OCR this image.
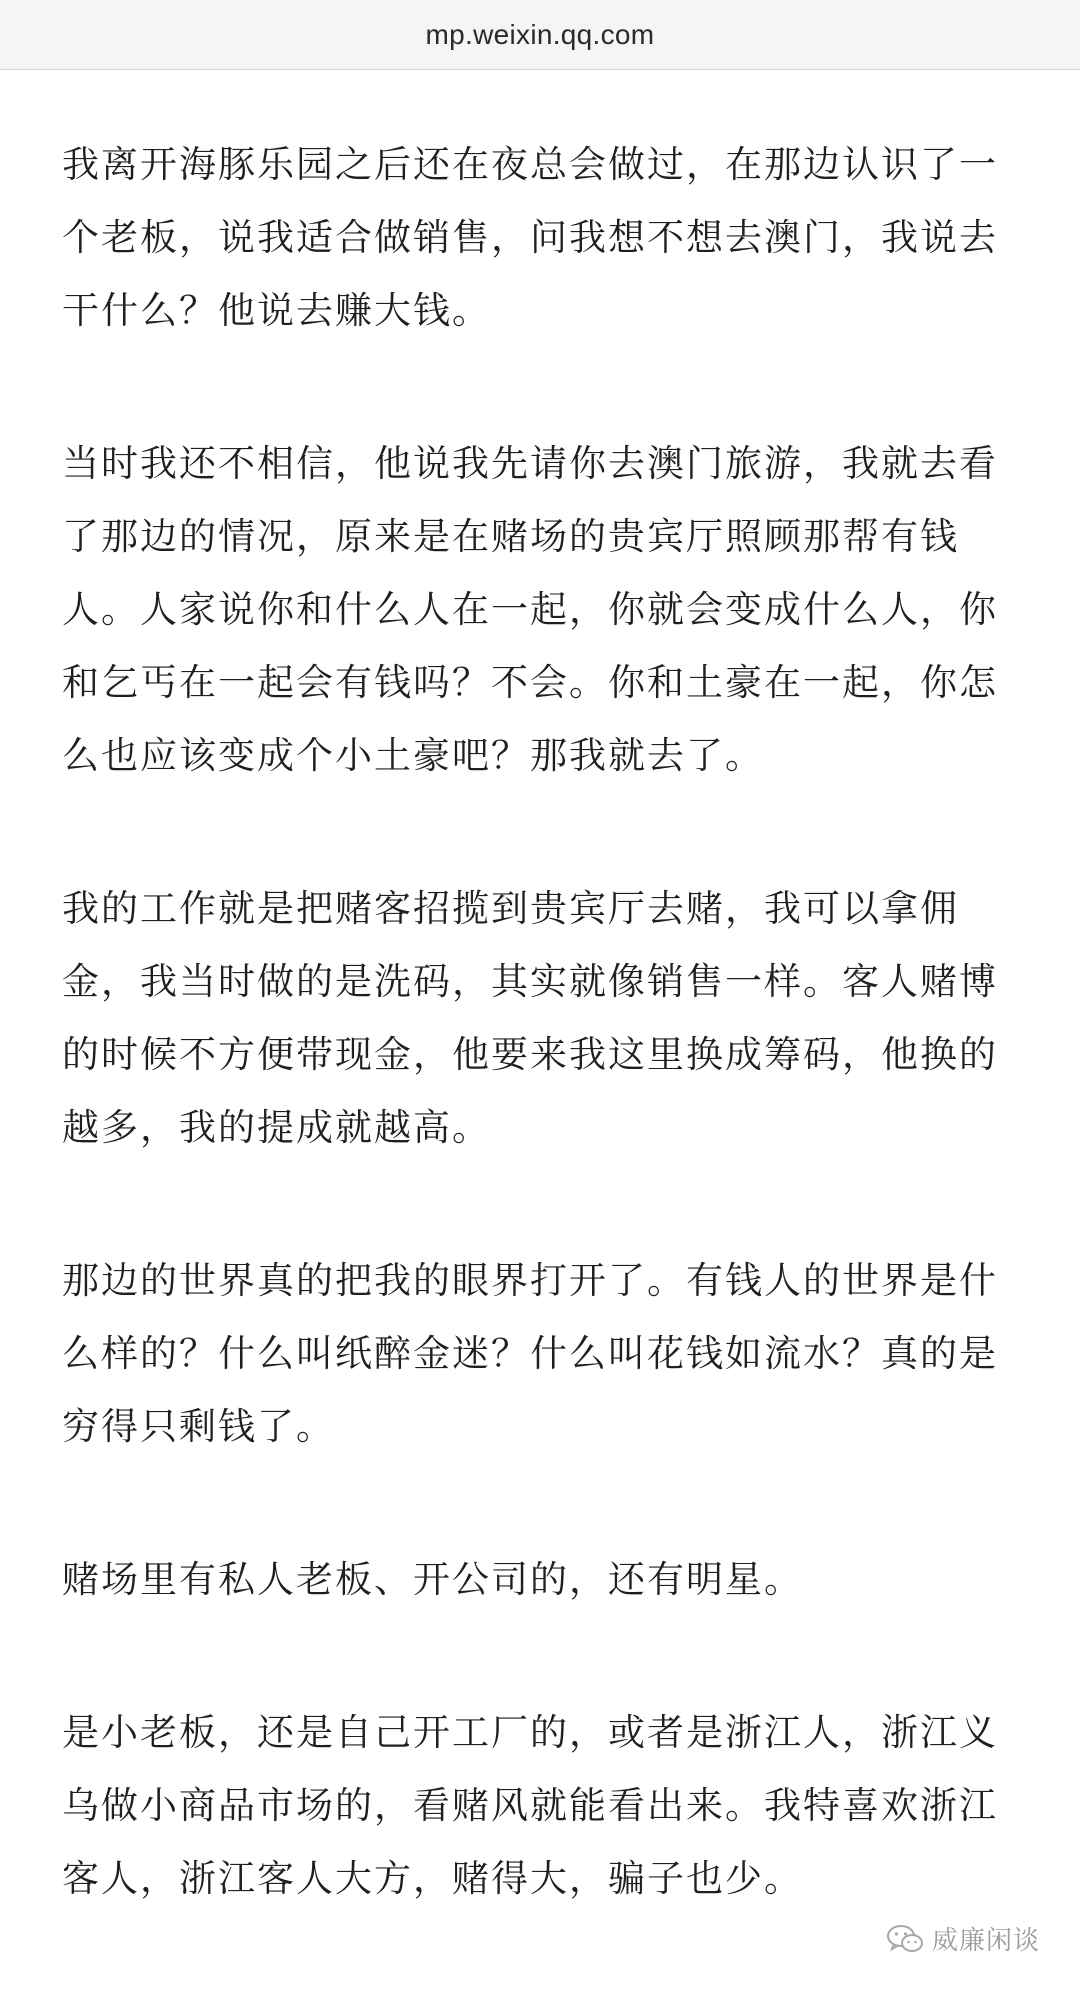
mp.weixin.qq.com

我离开海豚乐园之后还在夜总会做过，在那边认识了一个老板，说我适合做销售，问我想不想去澳门，我说去干什么？他说去赚大钱。

当时我还不相信，他说我先请你去澳门旅游，我就去看了那边的情况，原来是在赌场的贵宾厅照顾那帮有钱人。人家说你和什么人在一起，你就会变成什么人，你和乞丐在一起会有钱吗？不会。你和土豪在一起，你怎么也应该变成个小土豪吧？那我就去了。

我的工作就是把赌客招揽到贵宾厅去赌，我可以拿佣金，我当时做的是洗码，其实就像销售一样。客人赌博的时候不方便带现金，他要来我这里换成筹码，他换的越多，我的提成就越高。

那边的世界真的把我的眼界打开了。有钱人的世界是什么样的？什么叫纸醉金迷？什么叫花钱如流水？真的是穷得只剩钱了。

赌场里有私人老板、开公司的，还有明星。

是小老板，还是自己开工厂的，或者是浙江人，浙江义乌做小商品市场的，看赌风就能看出来。我特喜欢浙江客人，浙江客人大方，赌得大，骗子也少。

威廉闲谈
